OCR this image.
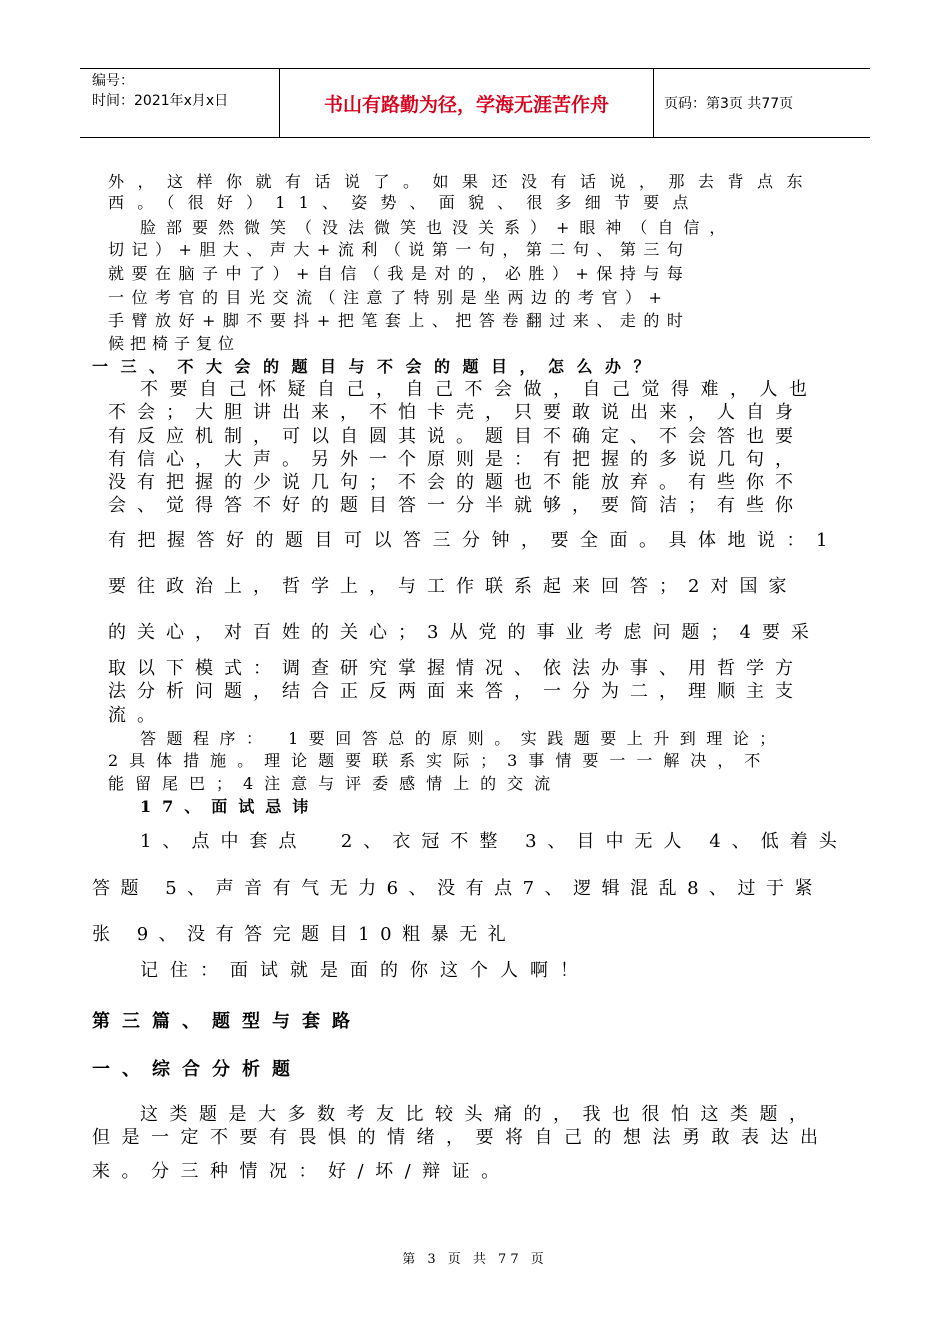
编号：
时间：2021年x月x日	书山有路勤为径，学海无涯苦作舟	页码：第3页 共77页
外，这样你就有话说了。如果还没有话说，那去背点东
西。（很好）11、姿势、面貌、很多细节要点
脸部要然微笑（没法微笑也没关系）+眼神（自信，
切记）+胆大、声大+流利（说第一句，第二句、第三句
就要在脑子中了）+自信（我是对的，必胜）+保持与每
一位考官的目光交流（注意了特别是坐两边的考官）+
手臂放好+脚不要抖+把笔套上、把答卷翻过来、走的时
候把椅子复位
一三、不大会的题目与不会的题目，怎么办？
不要自己怀疑自己，自己不会做，自己觉得难，人也
不会；大胆讲出来，不怕卡壳，只要敢说出来，人自身
有反应机制，可以自圆其说。题目不确定、不会答也要
有信心，大声。另外一个原则是：有把握的多说几句，
没有把握的少说几句；不会的题也不能放弃。有些你不
会、觉得答不好的题目答一分半就够，要简洁；有些你
有把握答好的题目可以答三分钟，要全面。具体地说：1
要往政治上，哲学上，与工作联系起来回答；2对国家
的关心，对百姓的关心；3从党的事业考虑问题；4要采
取以下模式：调查研究掌握情况、依法办事、用哲学方
法分析问题，结合正反两面来答，一分为二，理顺主支
流。
答题程序： 1要回答总的原则。实践题要上升到理论；
2具体措施。理论题要联系实际；3事情要一一解决，不
能留尾巴；4注意与评委感情上的交流
17、面试忌讳
1、点中套点  2、衣冠不整 3、目中无人 4、低着头
答题 5、声音有气无力6、没有点7、逻辑混乱8、过于紧
张 9、没有答完题目10粗暴无礼
记住：面试就是面的你这个人啊！
第三篇、题型与套路
一、综合分析题
这类题是大多数考友比较头痛的，我也很怕这类题，
但是一定不要有畏惧的情绪，要将自己的想法勇敢表达出
来。分三种情况：好/坏/辩证。
第 3 页 共 77 页
